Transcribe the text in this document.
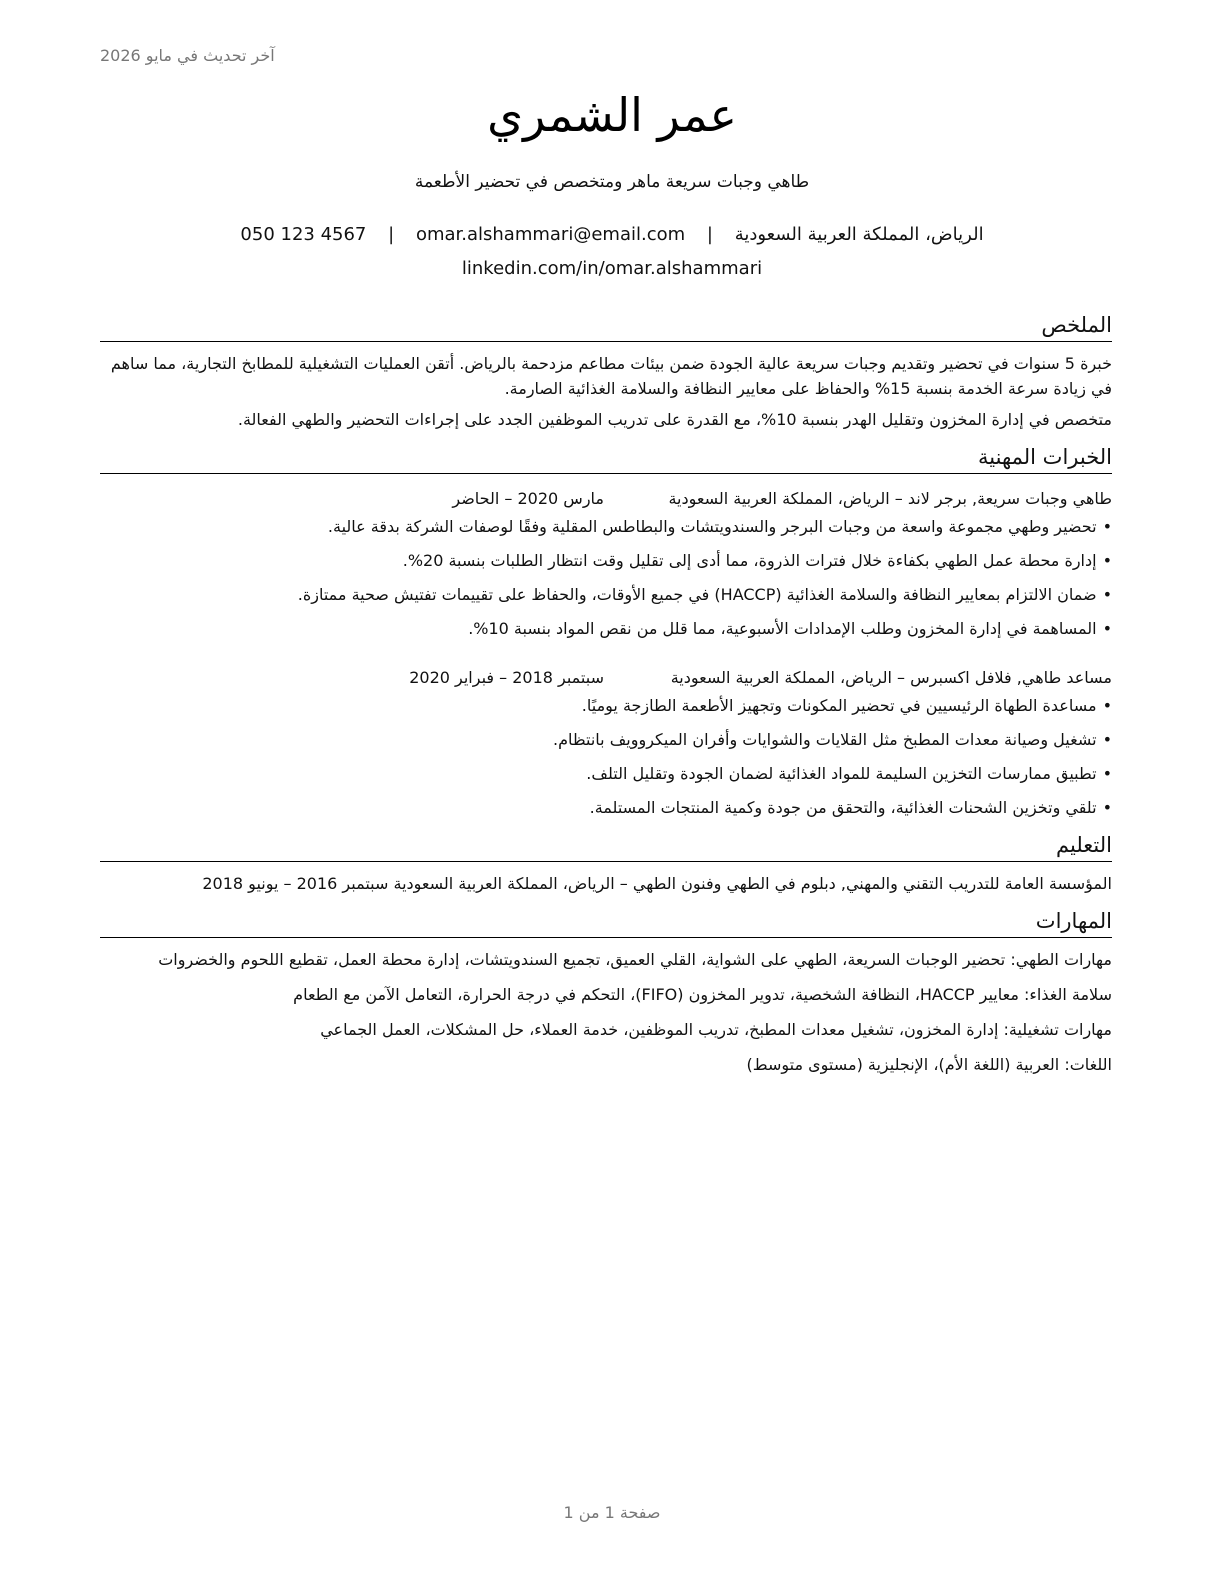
آخر تحديث في مايو 2026
عمر الشمري
طاهي وجبات سريعة ماهر ومتخصص في تحضير الأطعمة
الرياض، المملكة العربية السعودية | omar.alshammari@email.com | 050 123 4567
linkedin.com/in/omar.alshammari
الملخص

خبرة 5 سنوات في تحضير وتقديم وجبات سريعة عالية الجودة ضمن بيئات مطاعم مزدحمة بالرياض. أتقن العمليات التشغيلية للمطابخ التجارية، مما ساهم في زيادة سرعة الخدمة بنسبة 15% والحفاظ على معايير النظافة والسلامة الغذائية الصارمة.

متخصص في إدارة المخزون وتقليل الهدر بنسبة 10%، مع القدرة على تدريب الموظفين الجدد على إجراءات التحضير والطهي الفعالة.

الخبرات المهنية
طاهي وجبات سريعة, برجر لاند – الرياض، المملكة العربية السعودية
مارس 2020 – الحاضر
•تحضير وطهي مجموعة واسعة من وجبات البرجر والسندويتشات والبطاطس المقلية وفقًا لوصفات الشركة بدقة عالية.
•إدارة محطة عمل الطهي بكفاءة خلال فترات الذروة، مما أدى إلى تقليل وقت انتظار الطلبات بنسبة 20%.
•ضمان الالتزام بمعايير النظافة والسلامة الغذائية (HACCP) في جميع الأوقات، والحفاظ على تقييمات تفتيش صحية ممتازة.
•المساهمة في إدارة المخزون وطلب الإمدادات الأسبوعية، مما قلل من نقص المواد بنسبة 10%.
مساعد طاهي, فلافل اكسبرس – الرياض، المملكة العربية السعودية
سبتمبر 2018 – فبراير 2020
•مساعدة الطهاة الرئيسيين في تحضير المكونات وتجهيز الأطعمة الطازجة يوميًا.
•تشغيل وصيانة معدات المطبخ مثل القلايات والشوايات وأفران الميكروويف بانتظام.
•تطبيق ممارسات التخزين السليمة للمواد الغذائية لضمان الجودة وتقليل التلف.
•تلقي وتخزين الشحنات الغذائية، والتحقق من جودة وكمية المنتجات المستلمة.
التعليم
المؤسسة العامة للتدريب التقني والمهني, دبلوم في الطهي وفنون الطهي – الرياض، المملكة العربية السعودية سبتمبر 2016 – يونيو 2018
المهارات
مهارات الطهي: تحضير الوجبات السريعة، الطهي على الشواية، القلي العميق، تجميع السندويتشات، إدارة محطة العمل، تقطيع اللحوم والخضروات
سلامة الغذاء: معايير HACCP، النظافة الشخصية، تدوير المخزون (FIFO)، التحكم في درجة الحرارة، التعامل الآمن مع الطعام
مهارات تشغيلية: إدارة المخزون، تشغيل معدات المطبخ، تدريب الموظفين، خدمة العملاء، حل المشكلات، العمل الجماعي
اللغات: العربية (اللغة الأم)، الإنجليزية (مستوى متوسط)
صفحة 1 من 1
